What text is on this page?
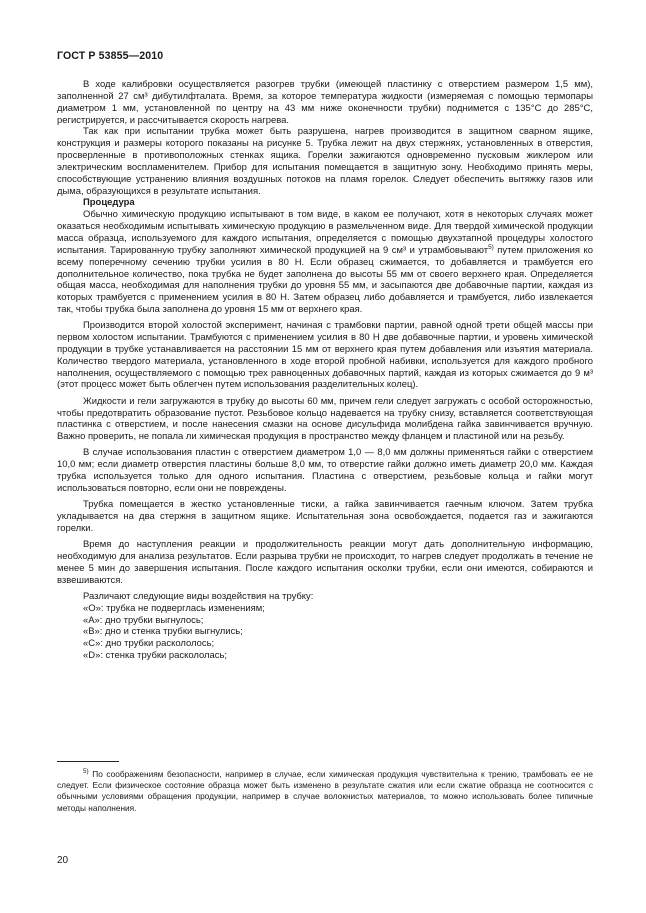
ГОСТ Р 53855—2010

В ходе калибровки осуществляется разогрев трубки (имеющей пластинку с отверстием размером 1,5 мм), заполненной 27 см³ дибутилфталата. Время, за которое температура жидкости (измеряемая с помощью термопары диаметром 1 мм, установленной по центру на 43 мм ниже оконечности трубки) поднимется с 135°С до 285°С, регистрируется, и рассчитывается скорость нагрева.

Так как при испытании трубка может быть разрушена, нагрев производится в защитном сварном ящике, конструкция и размеры которого показаны на рисунке 5. Трубка лежит на двух стержнях, установленных в отверстия, просверленные в противоположных стенках ящика. Горелки зажигаются одновременно пусковым жиклером или электрическим воспламенителем. Прибор для испытания помещается в защитную зону. Необходимо принять меры, способствующие устранению влияния воздушных потоков на пламя горелок. Следует обеспечить вытяжку газов или дыма, образующихся в результате испытания.

Процедура

Обычно химическую продукцию испытывают в том виде, в каком ее получают, хотя в некоторых случаях может оказаться необходимым испытывать химическую продукцию в размельченном виде. Для твердой химической продукции масса образца, используемого для каждого испытания, определяется с помощью двухэтапной процедуры холостого испытания. Тарированную трубку заполняют химической продукцией на 9 см³ и утрамбовывают$^{5)}$ путем приложения ко всему поперечному сечению трубки усилия в 80 Н. Если образец сжимается, то добавляется и трамбуется его дополнительное количество, пока трубка не будет заполнена до высоты 55 мм от своего верхнего края. Определяется общая масса, необходимая для наполнения трубки до уровня 55 мм, и засыпаются две добавочные партии, каждая из которых трамбуется с применением усилия в 80 Н. Затем образец либо добавляется и трамбуется, либо извлекается так, чтобы трубка была заполнена до уровня 15 мм от верхнего края.

Производится второй холостой эксперимент, начиная с трамбовки партии, равной одной трети общей массы при первом холостом испытании. Трамбуются с применением усилия в 80 Н две добавочные партии, и уровень химической продукции в трубке устанавливается на расстоянии 15 мм от верхнего края путем добавления или изъятия материала. Количество твердого материала, установленного в ходе второй пробной набивки, используется для каждого пробного наполнения, осуществляемого с помощью трех равноценных добавочных партий, каждая из которых сжимается до 9 м³ (этот процесс может быть облегчен путем использования разделительных колец).

Жидкости и гели загружаются в трубку до высоты 60 мм, причем гели следует загружать с особой осторожностью, чтобы предотвратить образование пустот. Резьбовое кольцо надевается на трубку снизу, вставляется соответствующая пластинка с отверстием, и после нанесения смазки на основе дисульфида молибдена гайка завинчивается вручную. Важно проверить, не попала ли химическая продукция в пространство между фланцем и пластиной или на резьбу.

В случае использования пластин с отверстием диаметром 1,0 — 8,0 мм должны применяться гайки с отверстием 10,0 мм; если диаметр отверстия пластины больше 8,0 мм, то отверстие гайки должно иметь диаметр 20,0 мм. Каждая трубка используется только для одного испытания. Пластина с отверстием, резьбовые кольца и гайки могут использоваться повторно, если они не повреждены.

Трубка помещается в жестко установленные тиски, а гайка завинчивается гаечным ключом. Затем трубка укладывается на два стержня в защитном ящике. Испытательная зона освобождается, подается газ и зажигаются горелки.

Время до наступления реакции и продолжительность реакции могут дать дополнительную информацию, необходимую для анализа результатов. Если разрыва трубки не происходит, то нагрев следует продолжать в течение не менее 5 мин до завершения испытания. После каждого испытания осколки трубки, если они имеются, собираются и взвешиваются.

Различают следующие виды воздействия на трубку:

«О»: трубка не подверглась изменениям;

«А»: дно трубки выгнулось;

«В»: дно и стенка трубки выгнулись;

«С»: дно трубки раскололось;

«D»: стенка трубки раскололась;

$^{5)}$ По соображениям безопасности, например в случае, если химическая продукция чувствительна к трению, трамбовать ее не следует. Если физическое состояние образца может быть изменено в результате сжатия или если сжатие образца не соотносится с обычными условиями обращения продукции, например в случае волокнистых материалов, то можно использовать более типичные методы наполнения.

20
